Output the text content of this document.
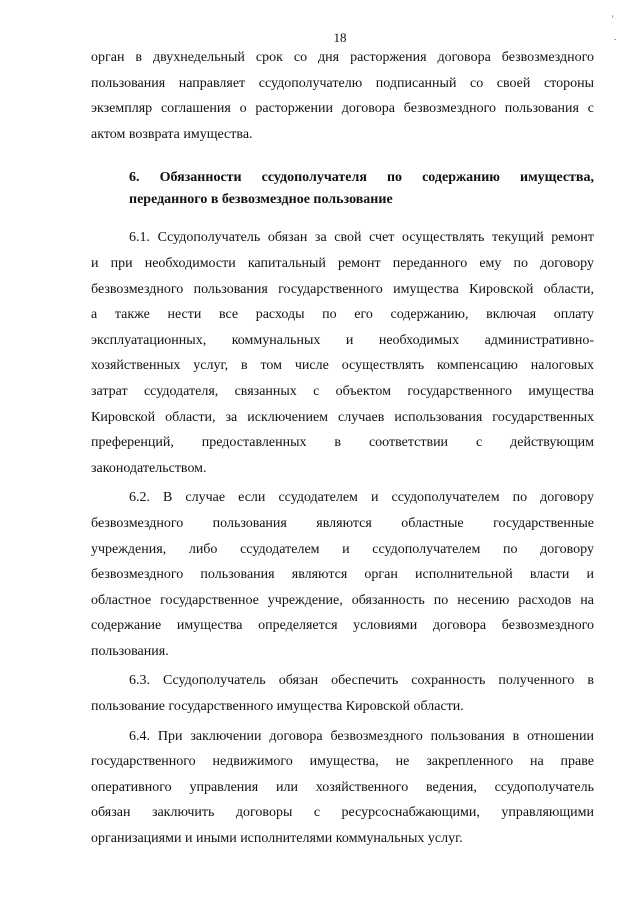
18
'
.

орган в двухнедельный срок со дня расторжения договора безвозмездного
пользования направляет ссудополучателю подписанный со своей стороны
экземпляр соглашения о расторжении договора безвозмездного пользования с
актом возврата имущества.

6. Обязанности ссудополучателя по содержанию имущества,
переданного в безвозмездное пользование

6.1. Ссудополучатель обязан за свой счет осуществлять текущий ремонт
и при необходимости капитальный ремонт переданного ему по договору
безвозмездного пользования государственного имущества Кировской области,
а также нести все расходы по его содержанию, включая оплату
эксплуатационных, коммунальных и необходимых административно-
хозяйственных услуг, в том числе осуществлять компенсацию налоговых
затрат ссудодателя, связанных с объектом государственного имущества
Кировской области, за исключением случаев использования государственных
преференций, предоставленных в соответствии с действующим
законодательством.

6.2. В случае если ссудодателем и ссудополучателем по договору
безвозмездного пользования являются областные государственные
учреждения, либо ссудодателем и ссудополучателем по договору
безвозмездного пользования являются орган исполнительной власти и
областное государственное учреждение, обязанность по несению расходов на
содержание имущества определяется условиями договора безвозмездного
пользования.

6.3. Ссудополучатель обязан обеспечить сохранность полученного в
пользование государственного имущества Кировской области.

6.4. При заключении договора безвозмездного пользования в отношении
государственного недвижимого имущества, не закрепленного на праве
оперативного управления или хозяйственного ведения, ссудополучатель
обязан заключить договоры с ресурсоснабжающими, управляющими
организациями и иными исполнителями коммунальных услуг.
